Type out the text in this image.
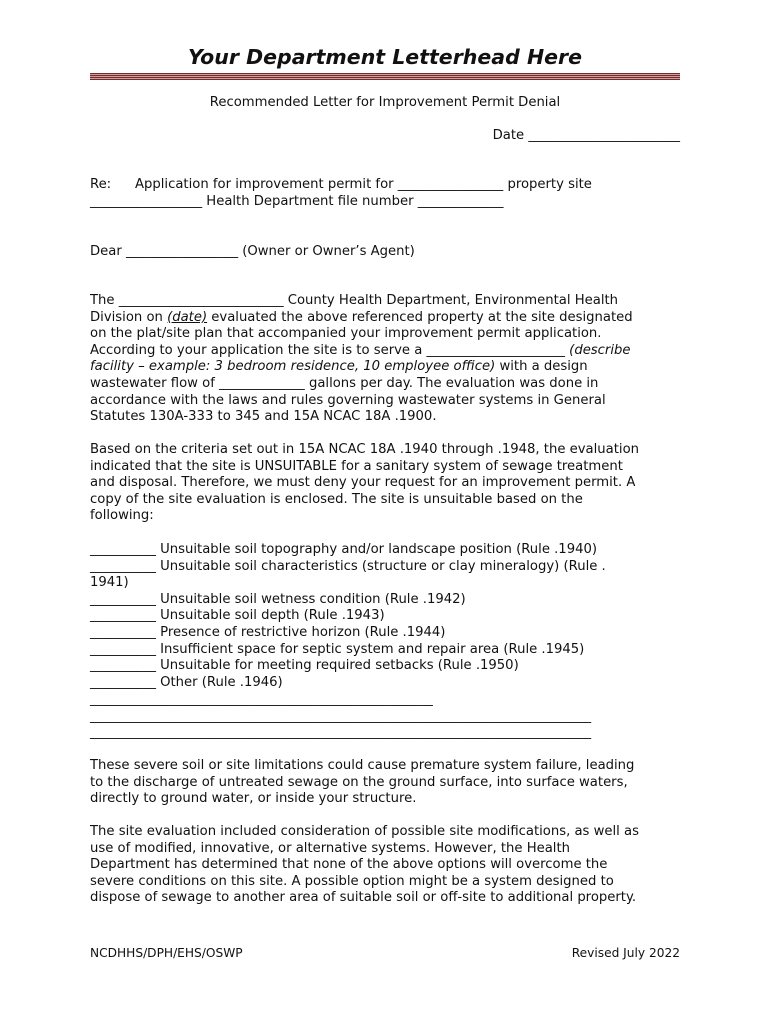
Your Department Letterhead Here
Recommended Letter for Improvement Permit Denial
Date _______________________
Re: Application for improvement permit for ________________ property site
_________________ Health Department file number _____________
Dear _________________ (Owner or Owner’s Agent)
The _________________________ County Health Department, Environmental Health
Division on (date) evaluated the above referenced property at the site designated
on the plat/site plan that accompanied your improvement permit application.
According to your application the site is to serve a _____________________ (describe
facility – example: 3 bedroom residence, 10 employee office) with a design
wastewater flow of _____________ gallons per day. The evaluation was done in
accordance with the laws and rules governing wastewater systems in General
Statutes 130A-333 to 345 and 15A NCAC 18A .1900.
Based on the criteria set out in 15A NCAC 18A .1940 through .1948, the evaluation
indicated that the site is UNSUITABLE for a sanitary system of sewage treatment
and disposal. Therefore, we must deny your request for an improvement permit. A
copy of the site evaluation is enclosed. The site is unsuitable based on the
following:
__________ Unsuitable soil topography and/or landscape position (Rule .1940)
__________ Unsuitable soil characteristics (structure or clay mineralogy) (Rule .
1941)
__________ Unsuitable soil wetness condition (Rule .1942)
__________ Unsuitable soil depth (Rule .1943)
__________ Presence of restrictive horizon (Rule .1944)
__________ Insufficient space for septic system and repair area (Rule .1945)
__________ Unsuitable for meeting required setbacks (Rule .1950)
__________ Other (Rule .1946)
____________________________________________________
____________________________________________________________________________
____________________________________________________________________________
These severe soil or site limitations could cause premature system failure, leading
to the discharge of untreated sewage on the ground surface, into surface waters,
directly to ground water, or inside your structure.
The site evaluation included consideration of possible site modifications, as well as
use of modified, innovative, or alternative systems. However, the Health
Department has determined that none of the above options will overcome the
severe conditions on this site. A possible option might be a system designed to
dispose of sewage to another area of suitable soil or off-site to additional property.
NCDHHS/DPH/EHS/OSWP	Revised July 2022
